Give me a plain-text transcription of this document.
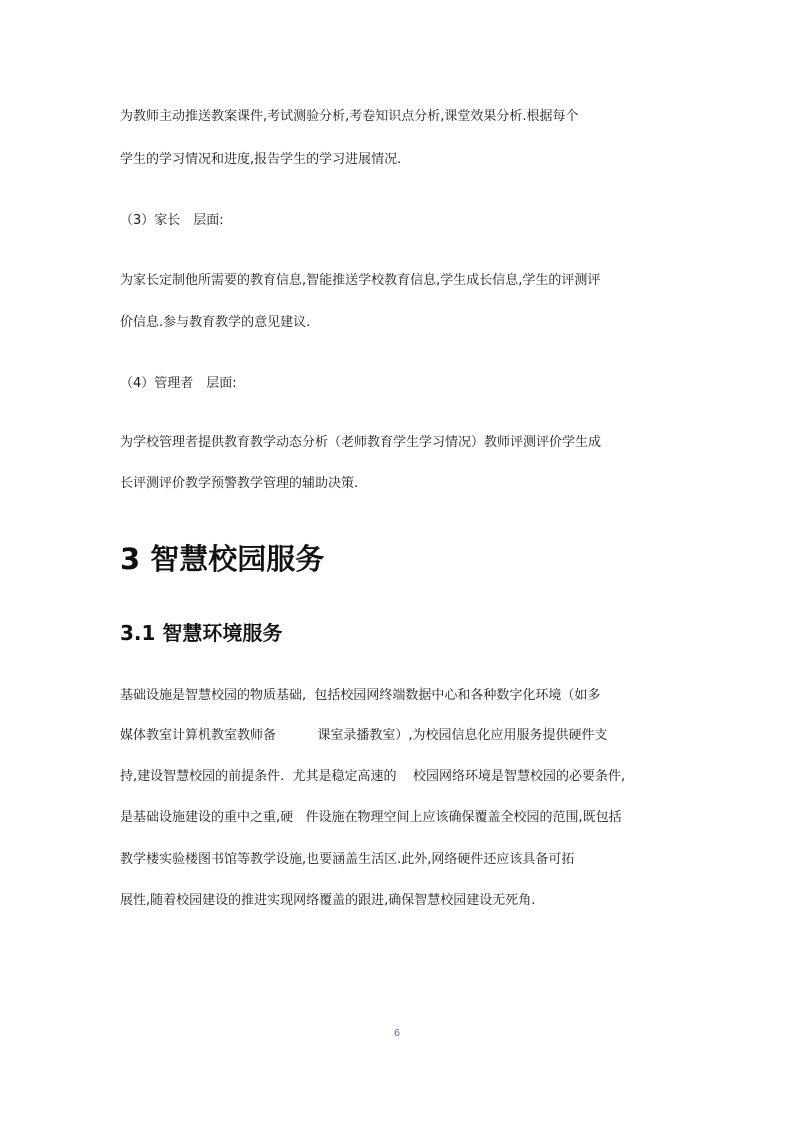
为教师主动推送教案课件,考试测验分析,考卷知识点分析,课堂效果分析.根据每个
学生的学习情况和进度,报告学生的学习进展情况.
（3）家长　层面:
为家长定制他所需要的教育信息,智能推送学校教育信息,学生成长信息,学生的评测评
价信息.参与教育教学的意见建议.
（4）管理者　层面:
为学校管理者提供教育教学动态分析（老师教育学生学习情况）教师评测评价学生成
长评测评价教学预警教学管理的辅助决策.
3 智慧校园服务
3.1 智慧环境服务
基础设施是智慧校园的物质基础,  包括校园网终端数据中心和各种数字化环境（如多
媒体教室计算机教室教师备          课室录播教室）,为校园信息化应用服务提供硬件支
持,建设智慧校园的前提条件.  尤其是稳定高速的    校园网络环境是智慧校园的必要条件,
是基础设施建设的重中之重,硬   件设施在物理空间上应该确保覆盖全校园的范围,既包括
教学楼实验楼图书馆等教学设施,也要涵盖生活区.此外,网络硬件还应该具备可拓
展性,随着校园建设的推进实现网络覆盖的跟进,确保智慧校园建设无死角.
6
